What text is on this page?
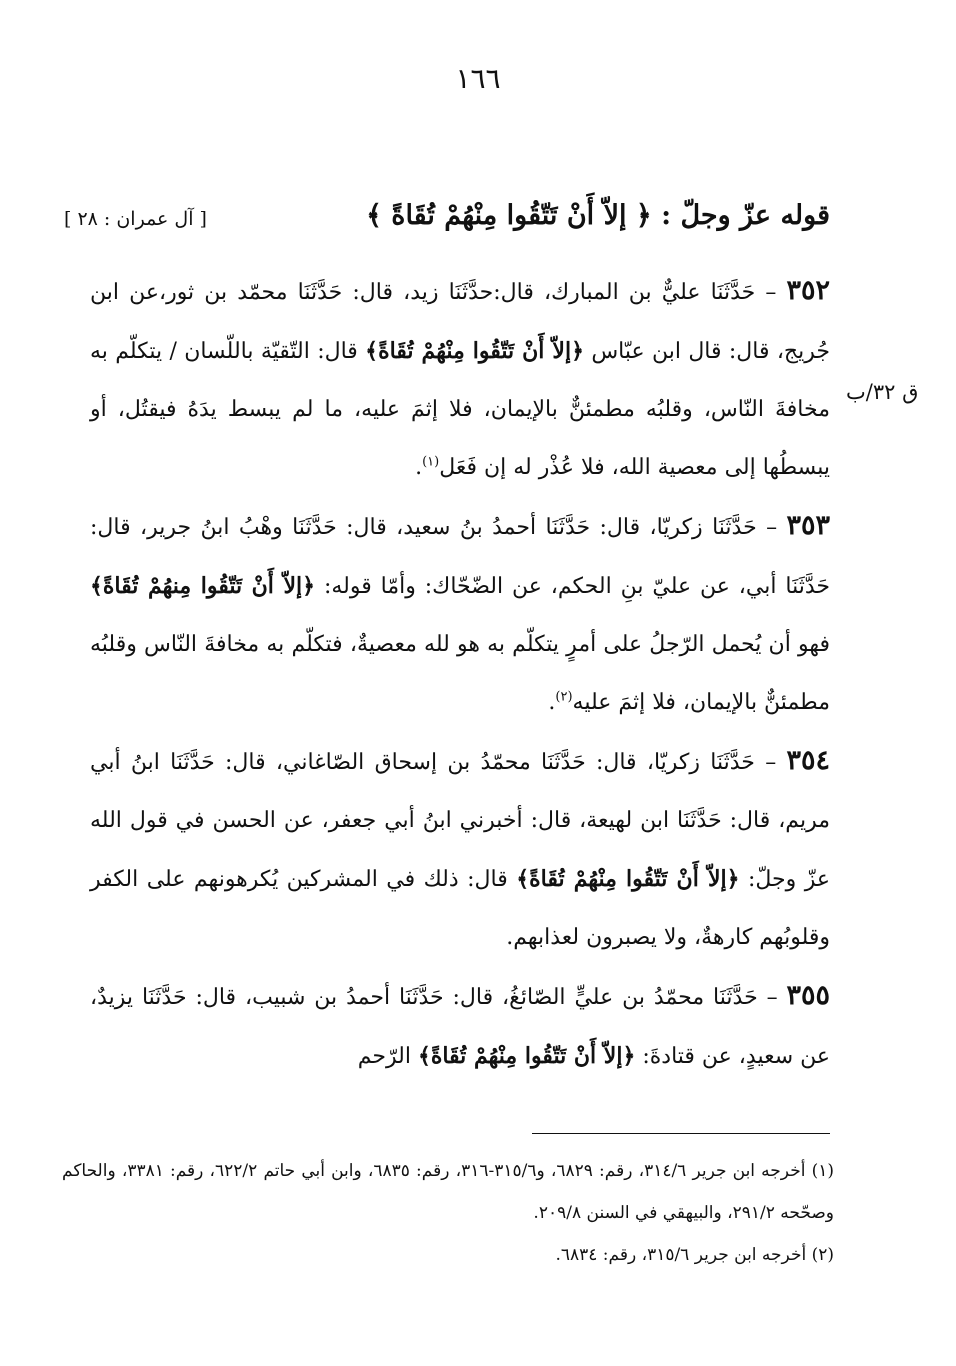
١٦٦
قوله عزّ وجلّ : ﴿ إلاّ أَنْ تَتّقُوا مِنْهُمْ تُقَاةً ﴾
[ آل عمران : ٢٨ ]
ق ٣٢/ب

٣٥٢ – حَدَّثَنَا عليٌّ بن المبارك، قال:حدَّثَنَا زيد، قال: حَدَّثَنَا محمّد بن ثور،عن ابن جُريج، قال: قال ابن عبّاس ﴿إلاّ أَنْ تَتّقُوا مِنْهُمْ تُقَاةً﴾ قال: التّقيّة باللّسان / يتكلّم به مخافةَ النّاس، وقلبُه مطمئنٌّ بالإيمان، فلا إثمَ عليه، ما لم يبسط يدَهُ فيقتُل، أو يبسطُها إلى معصية الله، فلا عُذْر له إن فَعَل$^{(١)}$.

٣٥٣ – حَدَّثَنَا زكريّا، قال: حَدَّثَنَا أحمدُ بنُ سعيد، قال: حَدَّثَنَا وهْبُ ابنُ جرير، قال: حَدَّثَنَا أبي، عن عليّ بنِ الحكم، عن الضّحّاك: وأمّا قوله: ﴿إلاّ أَنْ تَتّقُوا مِنهُمْ تُقَاةً﴾ فهو أن يُحمل الرّجلُ على أمرٍ يتكلّم به هو لله معصيةٌ، فتكلّم به مخافةَ النّاس وقلبُه مطمئنٌّ بالإيمان، فلا إثمَ عليه$^{(٢)}$.

٣٥٤ – حَدَّثَنَا زكريّا، قال: حَدَّثَنَا محمّدُ بن إسحاق الصّاغاني، قال: حَدَّثَنَا ابنُ أبي مريم، قال: حَدَّثَنَا ابن لهيعة، قال: أخبرني ابنُ أبي جعفر، عن الحسن في قول الله عزّ وجلّ: ﴿إلاّ أَنْ تَتّقُوا مِنْهُمْ تُقَاةً﴾ قال: ذلك في المشركين يُكرهونهم على الكفر وقلوبُهم كارهةٌ، ولا يصبرون لعذابهم.

٣٥٥ – حَدَّثَنَا محمّدُ بن عليٍّ الصّائغُ، قال: حَدَّثَنَا أحمدُ بن شبيب، قال: حَدَّثَنَا يزيدٌ، عن سعيدٍ، عن قتادةَ: ﴿إلاّ أَنْ تَتّقُوا مِنْهُمْ تُقَاةً﴾ الرّحم

(١) أخرجه ابن جرير ٣١٤/٦، رقم: ٦٨٢٩، و٣١٥/٦-٣١٦، رقم: ٦٨٣٥، وابن أبي حاتم ٦٢٢/٢، رقم: ٣٣٨١، والحاكم وصحّحه ٢٩١/٢، والبيهقي في السنن ٢٠٩/٨.

(٢) أخرجه ابن جرير ٣١٥/٦، رقم: ٦٨٣٤.
